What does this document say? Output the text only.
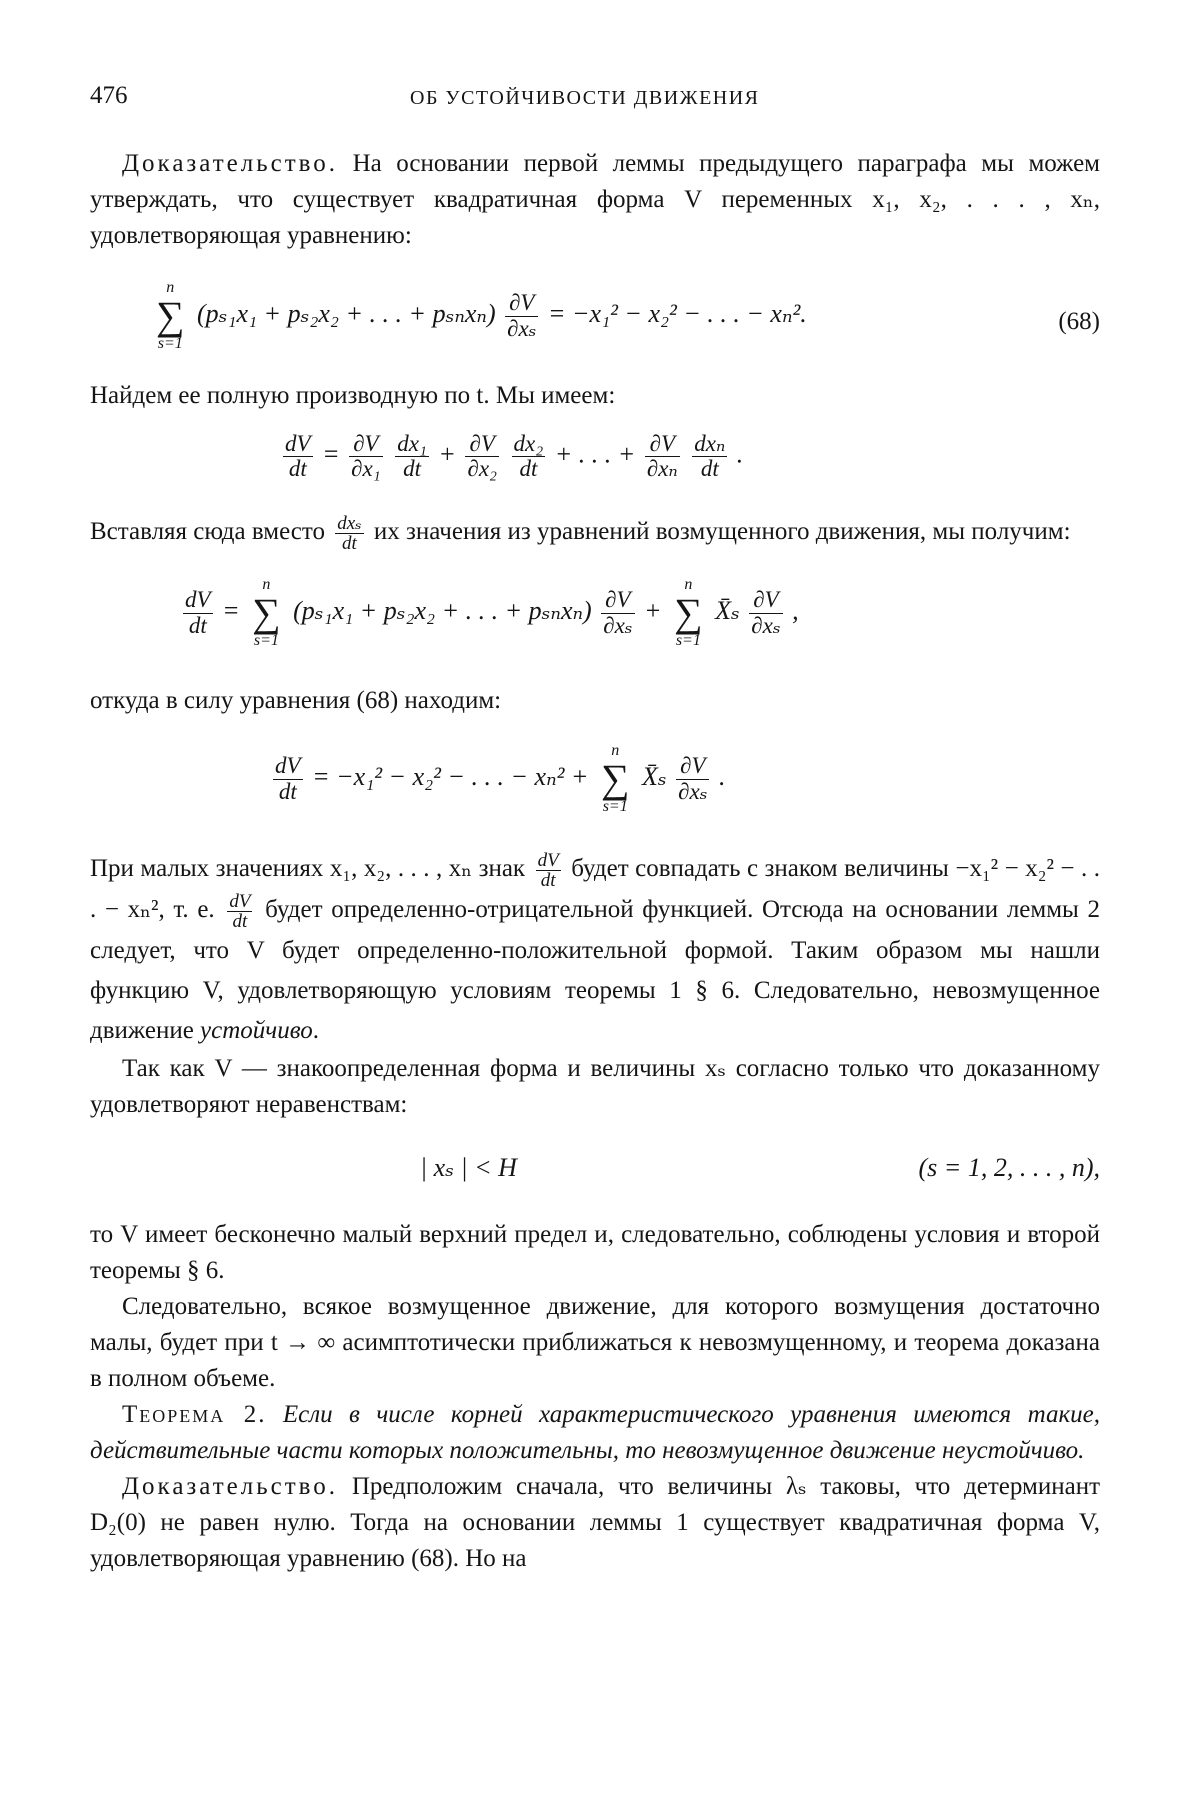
476	ОБ УСТОЙЧИВОСТИ ДВИЖЕНИЯ

Доказательство. На основании первой леммы предыдущего параграфа мы можем утверждать, что существует квадратичная форма V переменных x₁, x₂, . . . , xₙ, удовлетворяющая уравнению:

n
∑
s=1
(pₛ₁x₁ + pₛ₂x₂ + . . . + $p_{sn}x_n) \frac{\partial V}{\text{∂xₛ}} = -x_1^2 - x_2^2$ − . . . − xₙ².	(68)

Найдем ее полную производную по t. Мы имеем:

$\frac{dV}{dt} = \frac{\partial V}{\text{∂x₁}}$
$\frac{\text{dx₁}}{dt} + \frac{\partial V}{\text{∂x₂}}$
$\frac{\text{dx₂}}{dt}$ + . . . + $\frac{\partial V}{\text{∂xₙ}}$
$\frac{\text{dxₙ}}{dt}$ .

Вставляя сюда вместо $\frac{\text{dxₛ}}{dt}$ их значения из уравнений возмущенного движения, мы получим:

$\frac{dV}{dt}$ =
n
∑
s=1
(pₛ₁x₁ + pₛ₂x₂ + . . . + $p_{sn}x_n) \frac{\partial V}{\text{∂xₛ}}$ +
n
∑
s=1
X̄ₛ $\frac{\partial V}{\text{∂xₛ}}$ ,

откуда в силу уравнения (68) находим:

$\frac{dV}{dt} = -x_1^2 - x_2^2$ − . . . − xₙ² +
n
∑
s=1
X̄ₛ $\frac{\partial V}{\text{∂xₛ}}$ .

При малых значениях x₁, x₂, . . . , xₙ знак $\frac{dV}{dt}$ будет совпадать с знаком величины −x₁² − x₂² − . . . − xₙ², т. е. $\frac{dV}{dt}$ будет определенно-отрицательной функцией. Отсюда на основании леммы 2 следует, что V будет определенно-положительной формой. Таким образом мы нашли функцию V, удовлетворяющую условиям теоремы 1 § 6. Следовательно, невозмущенное движение устойчиво.

Так как V — знакоопределенная форма и величины xₛ согласно только что доказанному удовлетворяют неравенствам:

| xₛ | < H	(s = 1, 2, . . . , n),

то V имеет бесконечно малый верхний предел и, следовательно, соблюдены условия и второй теоремы § 6.

Следовательно, всякое возмущенное движение, для которого возмущения достаточно малы, будет при t → ∞ асимптотически приближаться к невозмущенному, и теорема доказана в полном объеме.

Теорема 2. Если в числе корней характеристического уравнения имеются такие, действительные части которых положительны, то невозмущенное движение неустойчиво.

Доказательство. Предположим сначала, что величины λₛ таковы, что детерминант D₂(0) не равен нулю. Тогда на основании леммы 1 существует квадратичная форма V, удовлетворяющая уравнению (68). Но на
